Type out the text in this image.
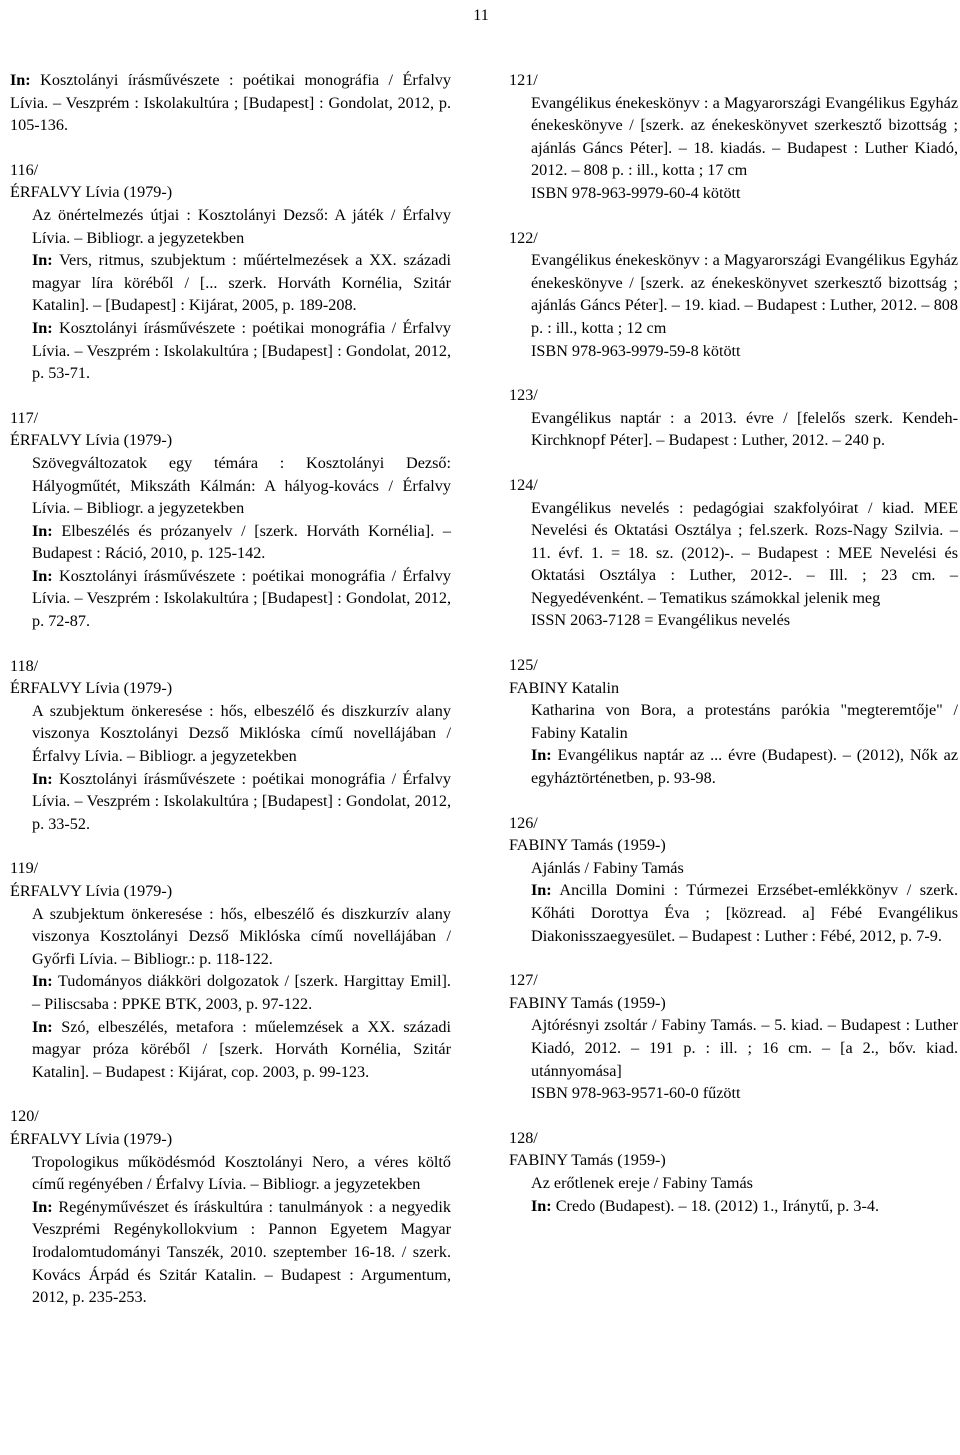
11
In: Kosztolányi írásművészete : poétikai monográfia / Érfalvy Lívia. – Veszprém : Iskolakultúra ; [Budapest] : Gondolat, 2012, p. 105-136.
116/
ÉRFALVY Lívia (1979-)
Az önértelmezés útjai : Kosztolányi Dezső: A játék / Érfalvy Lívia. – Bibliogr. a jegyzetekben
In: Vers, ritmus, szubjektum : műértelmezések a XX. századi magyar líra köréből / [... szerk. Horváth Kornélia, Szitár Katalin]. – [Budapest] : Kijárat, 2005, p. 189-208.
In: Kosztolányi írásművészete : poétikai monográfia / Érfalvy Lívia. – Veszprém : Iskolakultúra ; [Budapest] : Gondolat, 2012, p. 53-71.
117/
ÉRFALVY Lívia (1979-)
Szövegváltozatok egy témára : Kosztolányi Dezső: Hályogműtét, Mikszáth Kálmán: A hályog-kovács / Érfalvy Lívia. – Bibliogr. a jegyzetekben
In: Elbeszélés és prózanyelv / [szerk. Horváth Kornélia]. – Budapest : Ráció, 2010, p. 125-142.
In: Kosztolányi írásművészete : poétikai monográfia / Érfalvy Lívia. – Veszprém : Iskolakultúra ; [Budapest] : Gondolat, 2012, p. 72-87.
118/
ÉRFALVY Lívia (1979-)
A szubjektum önkeresése : hős, elbeszélő és diszkurzív alany viszonya Kosztolányi Dezső Miklóska című novellájában / Érfalvy Lívia. – Bibliogr. a jegyzetekben
In: Kosztolányi írásművészete : poétikai monográfia / Érfalvy Lívia. – Veszprém : Iskolakultúra ; [Budapest] : Gondolat, 2012, p. 33-52.
119/
ÉRFALVY Lívia (1979-)
A szubjektum önkeresése : hős, elbeszélő és diszkurzív alany viszonya Kosztolányi Dezső Miklóska című novellájában / Győrfi Lívia. – Bibliogr.: p. 118-122.
In: Tudományos diákköri dolgozatok / [szerk. Hargittay Emil]. – Piliscsaba : PPKE BTK, 2003, p. 97-122.
In: Szó, elbeszélés, metafora : műelemzések a XX. századi magyar próza köréből / [szerk. Horváth Kornélia, Szitár Katalin]. – Budapest : Kijárat, cop. 2003, p. 99-123.
120/
ÉRFALVY Lívia (1979-)
Tropologikus működésmód Kosztolányi Nero, a véres költő című regényében / Érfalvy Lívia. – Bibliogr. a jegyzetekben
In: Regényművészet és íráskultúra : tanulmányok : a negyedik Veszprémi Regénykollokvium : Pannon Egyetem Magyar Irodalomtudományi Tanszék, 2010. szeptember 16-18. / szerk. Kovács Árpád és Szitár Katalin. – Budapest : Argumentum, 2012, p. 235-253.
121/
Evangélikus énekeskönyv : a Magyarországi Evangélikus Egyház énekeskönyve / [szerk. az énekeskönyvet szerkesztő bizottság ; ajánlás Gáncs Péter]. – 18. kiadás. – Budapest : Luther Kiadó, 2012. – 808 p. : ill., kotta ; 17 cm
ISBN 978-963-9979-60-4 kötött
122/
Evangélikus énekeskönyv : a Magyarországi Evangélikus Egyház énekeskönyve / [szerk. az énekeskönyvet szerkesztő bizottság ; ajánlás Gáncs Péter]. – 19. kiad. – Budapest : Luther, 2012. – 808 p. : ill., kotta ; 12 cm
ISBN 978-963-9979-59-8 kötött
123/
Evangélikus naptár : a 2013. évre / [felelős szerk. Kendeh-Kirchknopf Péter]. – Budapest : Luther, 2012. – 240 p.
124/
Evangélikus nevelés : pedagógiai szakfolyóirat / kiad. MEE Nevelési és Oktatási Osztálya ; fel.szerk. Rozs-Nagy Szilvia. – 11. évf. 1. = 18. sz. (2012)-. – Budapest : MEE Nevelési és Oktatási Osztálya : Luther, 2012-. – Ill. ; 23 cm. – Negyedévenként. – Tematikus számokkal jelenik meg
ISSN 2063-7128 = Evangélikus nevelés
125/
FABINY Katalin
Katharina von Bora, a protestáns parókia "megteremtője" / Fabiny Katalin
In: Evangélikus naptár az ... évre (Budapest). – (2012), Nők az egyháztörténetben, p. 93-98.
126/
FABINY Tamás (1959-)
Ajánlás / Fabiny Tamás
In: Ancilla Domini : Túrmezei Erzsébet-emlékkönyv / szerk. Kőháti Dorottya Éva ; [közread. a] Fébé Evangélikus Diakonisszaegyesület. – Budapest : Luther : Fébé, 2012, p. 7-9.
127/
FABINY Tamás (1959-)
Ajtórésnyi zsoltár / Fabiny Tamás. – 5. kiad. – Budapest : Luther Kiadó, 2012. – 191 p. : ill. ; 16 cm. – [a 2., bőv. kiad. utánnyomása]
ISBN 978-963-9571-60-0 fűzött
128/
FABINY Tamás (1959-)
Az erőtlenek ereje / Fabiny Tamás
In: Credo (Budapest). – 18. (2012) 1., Iránytű, p. 3-4.
